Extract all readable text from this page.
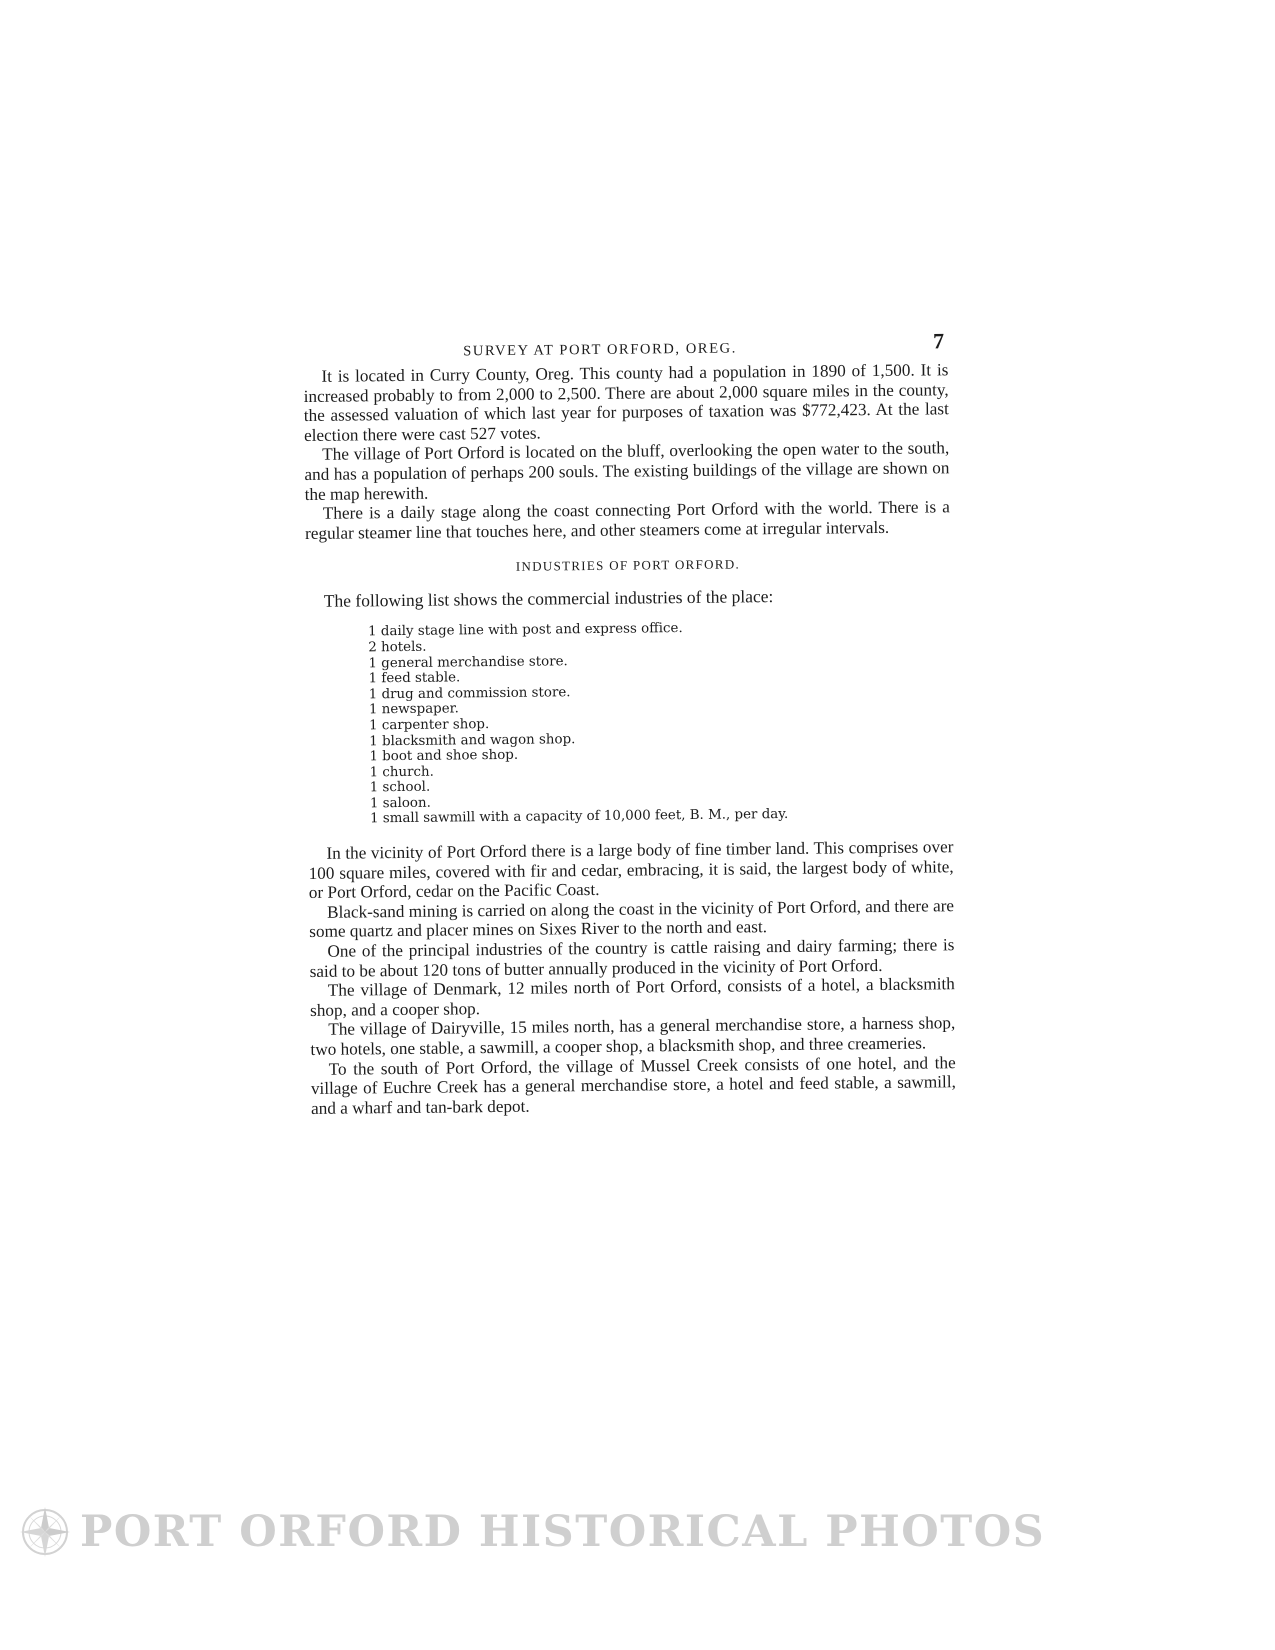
SURVEY AT PORT ORFORD, OREG.	7

It is located in Curry County, Oreg. This county had a population in 1890 of 1,500. It is increased probably to from 2,000 to 2,500. There are about 2,000 square miles in the county, the assessed valuation of which last year for purposes of taxation was $772,423. At the last election there were cast 527 votes.

The village of Port Orford is located on the bluff, overlooking the open water to the south, and has a population of perhaps 200 souls. The existing buildings of the village are shown on the map herewith.

There is a daily stage along the coast connecting Port Orford with the world. There is a regular steamer line that touches here, and other steamers come at irregular intervals.

INDUSTRIES OF PORT ORFORD.

The following list shows the commercial industries of the place:

1 daily stage line with post and express office.
2 hotels.
1 general merchandise store.
1 feed stable.
1 drug and commission store.
1 newspaper.
1 carpenter shop.
1 blacksmith and wagon shop.
1 boot and shoe shop.
1 church.
1 school.
1 saloon.
1 small sawmill with a capacity of 10,000 feet, B. M., per day.

In the vicinity of Port Orford there is a large body of fine timber land. This comprises over 100 square miles, covered with fir and cedar, embracing, it is said, the largest body of white, or Port Orford, cedar on the Pacific Coast.

Black-sand mining is carried on along the coast in the vicinity of Port Orford, and there are some quartz and placer mines on Sixes River to the north and east.

One of the principal industries of the country is cattle raising and dairy farming; there is said to be about 120 tons of butter annually produced in the vicinity of Port Orford.

The village of Denmark, 12 miles north of Port Orford, consists of a hotel, a blacksmith shop, and a cooper shop.

The village of Dairyville, 15 miles north, has a general merchandise store, a harness shop, two hotels, one stable, a sawmill, a cooper shop, a blacksmith shop, and three creameries.

To the south of Port Orford, the village of Mussel Creek consists of one hotel, and the village of Euchre Creek has a general merchandise store, a hotel and feed stable, a sawmill, and a wharf and tan-bark depot.

PORT ORFORD HISTORICAL PHOTOS
